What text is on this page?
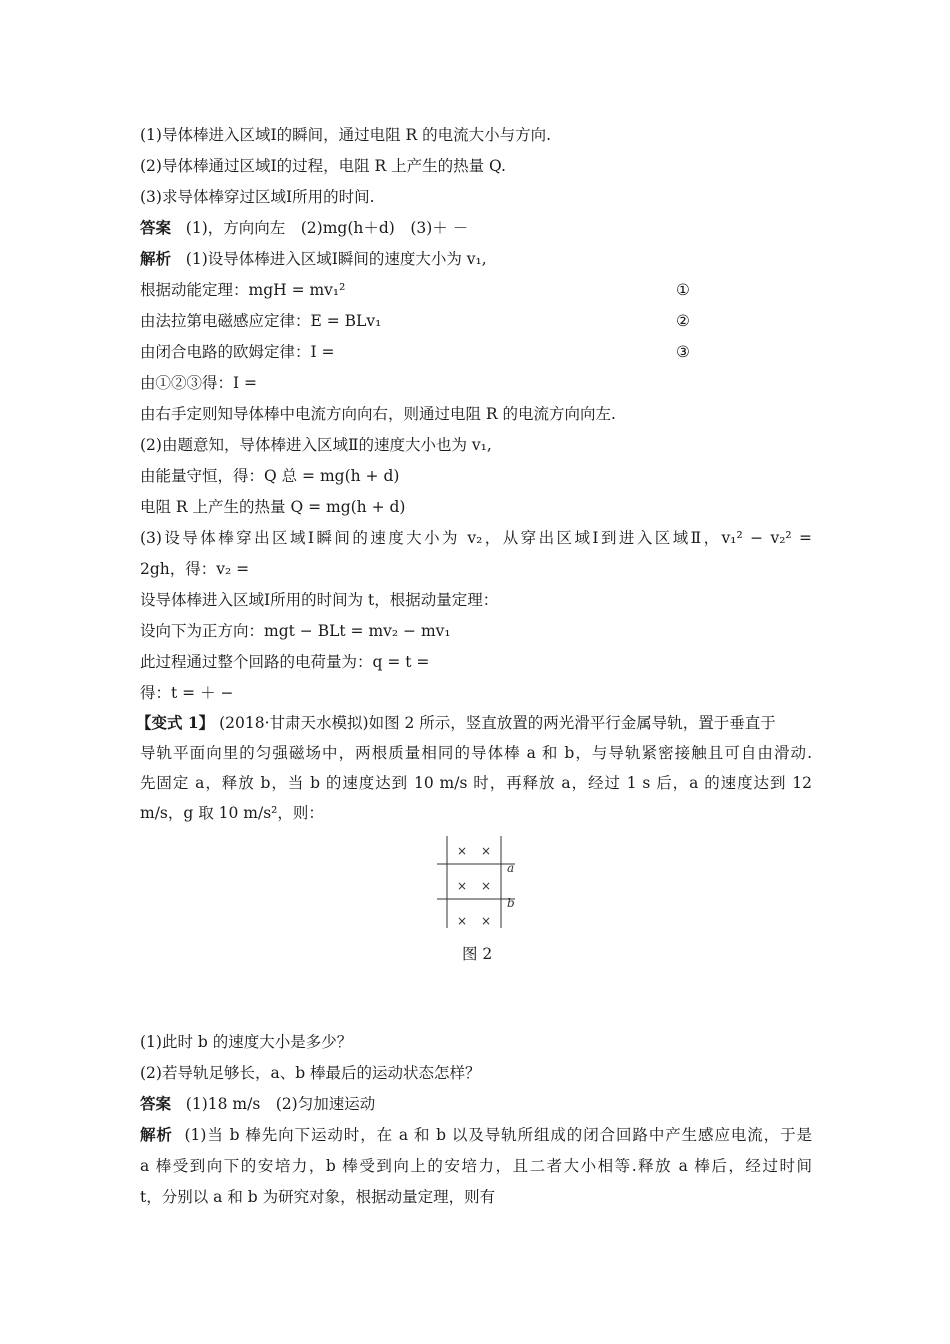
(1)导体棒进入区域Ⅰ的瞬间，通过电阻 R 的电流大小与方向.
(2)导体棒通过区域Ⅰ的过程，电阻 R 上产生的热量 Q.
(3)求导体棒穿过区域Ⅰ所用的时间.
答案 (1)，方向向左　(2)mg(h＋d)　(3)＋ －
解析 (1)设导体棒进入区域Ⅰ瞬间的速度大小为 v₁,
根据动能定理：mgH = mv₁²	①
由法拉第电磁感应定律：E = BLv₁	②
由闭合电路的欧姆定律：I =	③
由①②③得：I =
由右手定则知导体棒中电流方向向右，则通过电阻 R 的电流方向向左.
(2)由题意知，导体棒进入区域Ⅱ的速度大小也为 v₁,
由能量守恒，得：Q 总 = mg(h + d)
电阻 R 上产生的热量 Q = mg(h + d)
(3)设导体棒穿出区域Ⅰ瞬间的速度大小为 v₂，从穿出区域Ⅰ到进入区域Ⅱ，v₁² − v₂² =
2gh，得：v₂ =
设导体棒进入区域Ⅰ所用的时间为 t，根据动量定理：
设向下为正方向：mgt − BLt = mv₂ − mv₁
此过程通过整个回路的电荷量为：q = t =
得：t = ＋ −
【变式 1】 (2018·甘肃天水模拟)如图 2 所示，竖直放置的两光滑平行金属导轨，置于垂直于
导轨平面向里的匀强磁场中，两根质量相同的导体棒 a 和 b，与导轨紧密接触且可自由滑动.
先固定 a，释放 b，当 b 的速度达到 10 m/s 时，再释放 a，经过 1 s 后，a 的速度达到 12
m/s，g 取 10 m/s²，则：
× ×
× ×
× ×
a
b
图 2
(1)此时 b 的速度大小是多少？
(2)若导轨足够长，a、b 棒最后的运动状态怎样？
答案 (1)18 m/s　(2)匀加速运动
解析 (1)当 b 棒先向下运动时，在 a 和 b 以及导轨所组成的闭合回路中产生感应电流，于是
a 棒受到向下的安培力，b 棒受到向上的安培力，且二者大小相等.释放 a 棒后，经过时间
t，分别以 a 和 b 为研究对象，根据动量定理，则有
